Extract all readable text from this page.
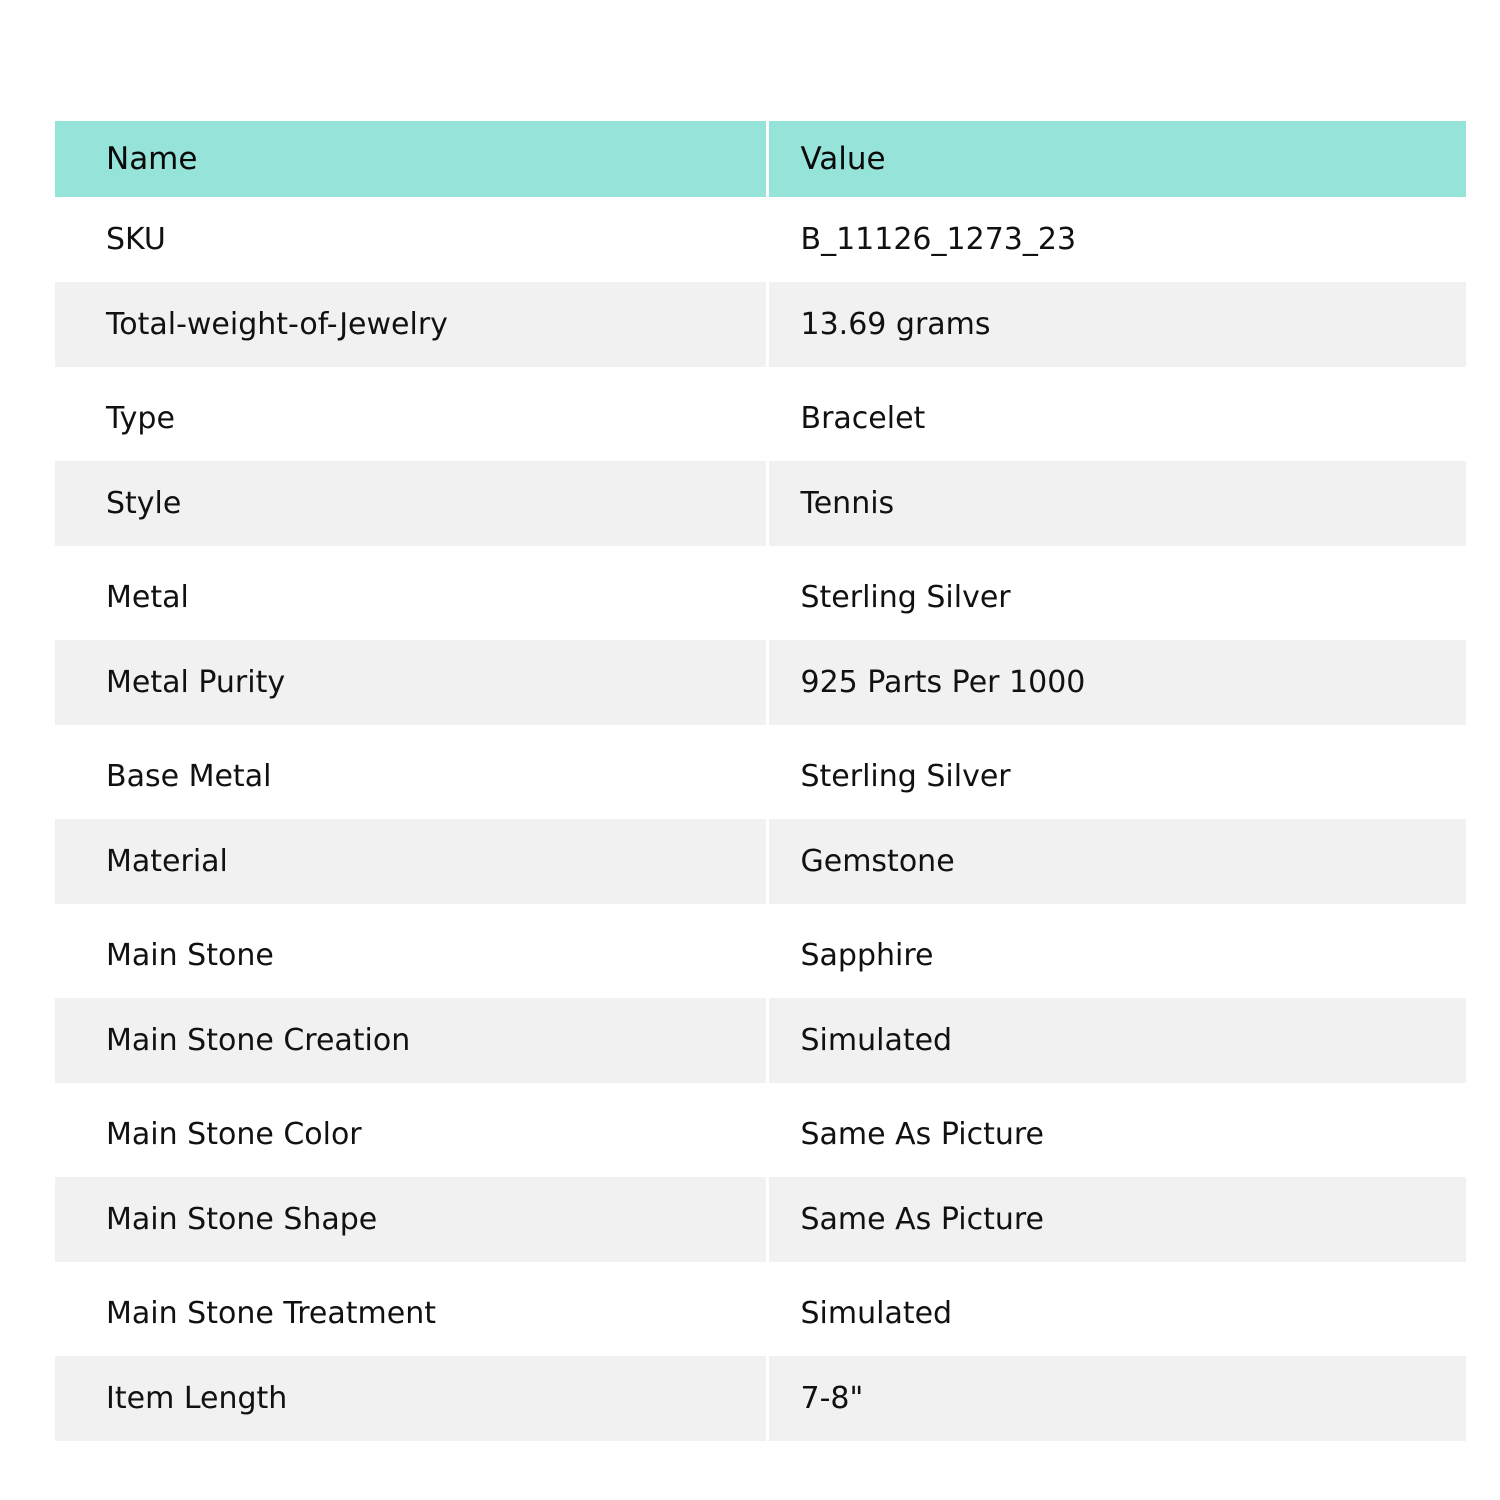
Name	Value
SKU	B_11126_1273_23
Total-weight-of-Jewelry	13.69 grams
Type	Bracelet
Style	Tennis
Metal	Sterling Silver
Metal Purity	925 Parts Per 1000
Base Metal	Sterling Silver
Material	Gemstone
Main Stone	Sapphire
Main Stone Creation	Simulated
Main Stone Color	Same As Picture
Main Stone Shape	Same As Picture
Main Stone Treatment	Simulated
Item Length	7-8"
